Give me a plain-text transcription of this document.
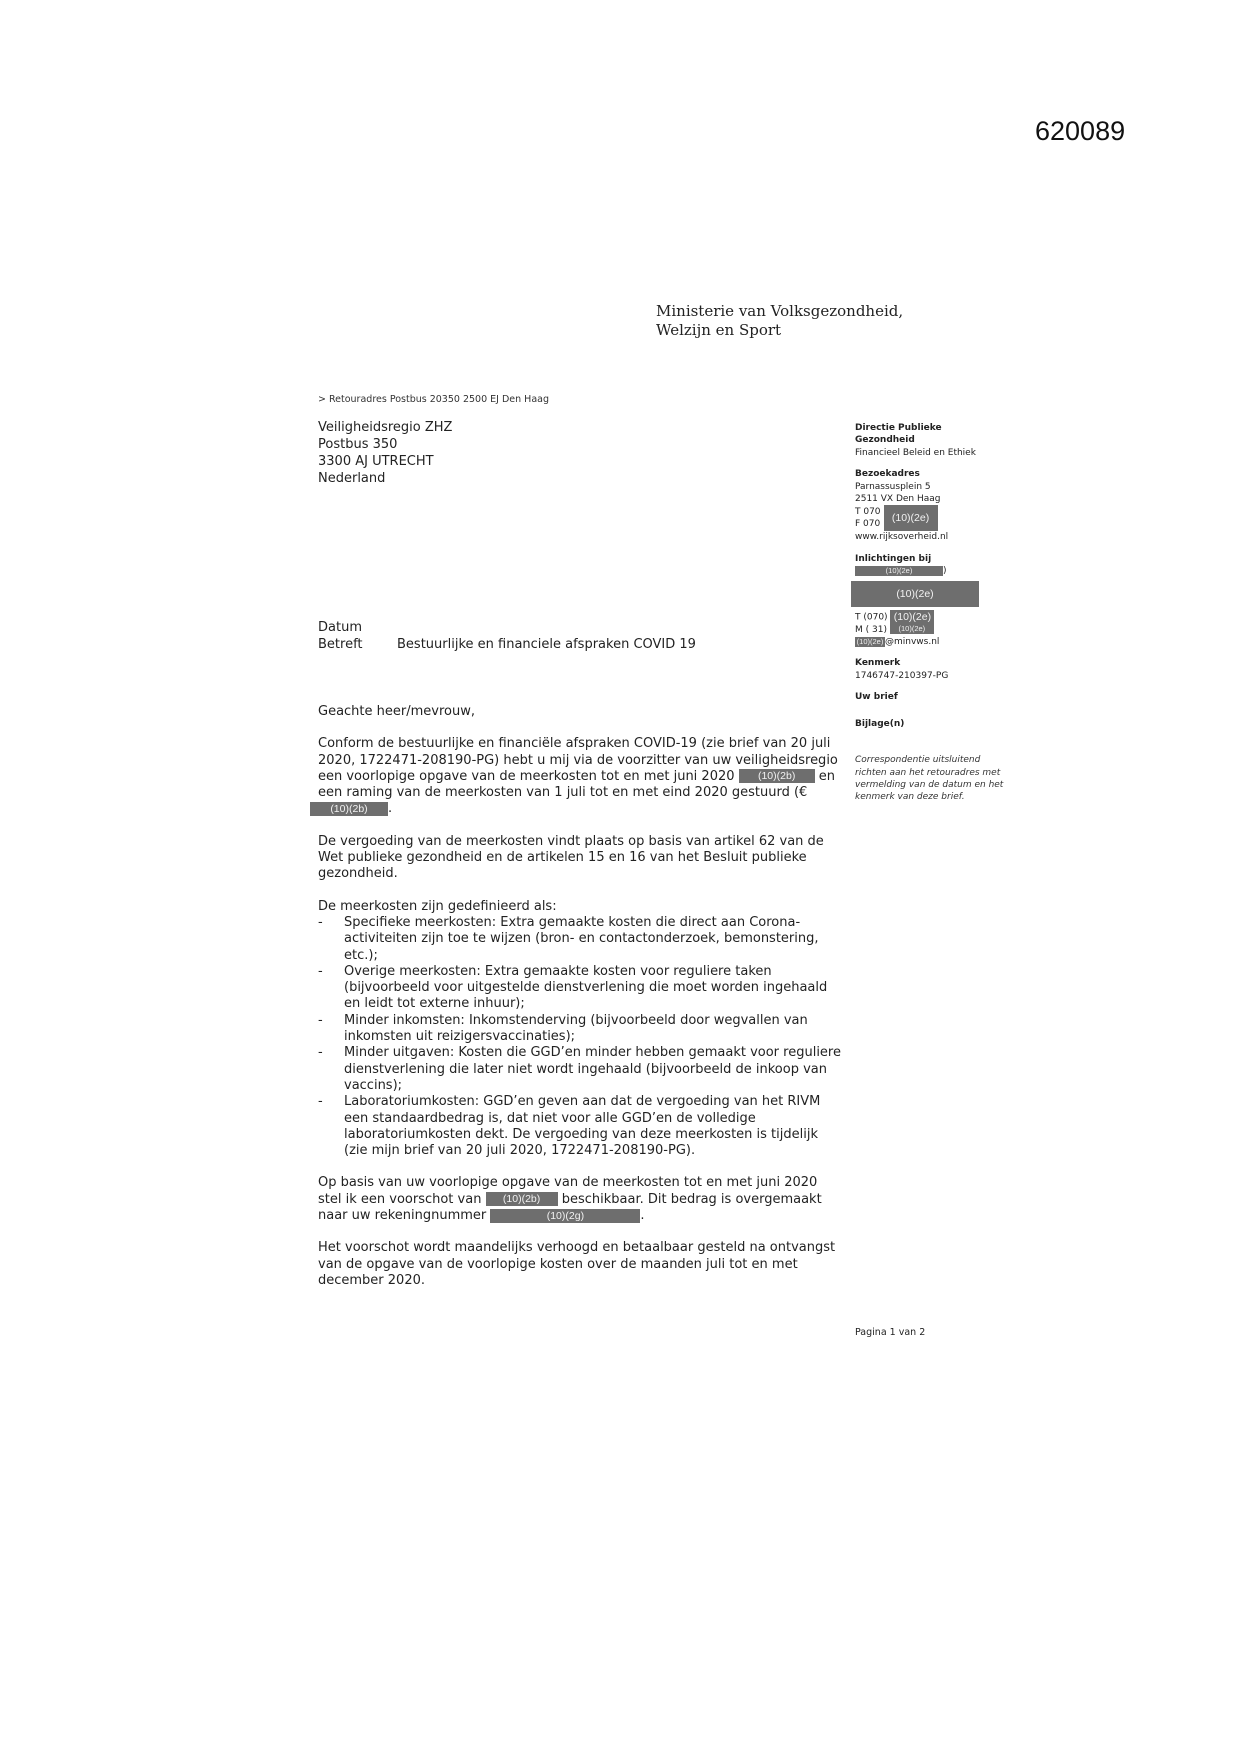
620089
Ministerie van Volksgezondheid,
Welzijn en Sport
> Retouradres Postbus 20350 2500 EJ Den Haag
Veiligheidsregio ZHZ
Postbus 350
3300 AJ UTRECHT
Nederland
Datum
Betreft	Bestuurlijke en financiele afspraken COVID 19

Geachte heer/mevrouw,

Conform de bestuurlijke en financiële afspraken COVID-19 (zie brief van 20 juli 2020, 1722471-208190-PG) hebt u mij via de voorzitter van uw veiligheidsregio een voorlopige opgave van de meerkosten tot en met juni 2020 (10)(2b) en een raming van de meerkosten van 1 juli tot en met eind 2020 gestuurd (€ (10)(2b) .

De vergoeding van de meerkosten vindt plaats op basis van artikel 62 van de Wet publieke gezondheid en de artikelen 15 en 16 van het Besluit publieke gezondheid.

De meerkosten zijn gedefinieerd als:
- Specifieke meerkosten: Extra gemaakte kosten die direct aan Corona-activiteiten zijn toe te wijzen (bron- en contactonderzoek, bemonstering, etc.);
- Overige meerkosten: Extra gemaakte kosten voor reguliere taken (bijvoorbeeld voor uitgestelde dienstverlening die moet worden ingehaald en leidt tot externe inhuur);
- Minder inkomsten: Inkomstenderving (bijvoorbeeld door wegvallen van inkomsten uit reizigersvaccinaties);
- Minder uitgaven: Kosten die GGD’en minder hebben gemaakt voor reguliere dienstverlening die later niet wordt ingehaald (bijvoorbeeld de inkoop van vaccins);
- Laboratoriumkosten: GGD’en geven aan dat de vergoeding van het RIVM een standaardbedrag is, dat niet voor alle GGD’en de volledige laboratoriumkosten dekt. De vergoeding van deze meerkosten is tijdelijk (zie mijn brief van 20 juli 2020, 1722471-208190-PG).

Op basis van uw voorlopige opgave van de meerkosten tot en met juni 2020 stel ik een voorschot van (10)(2b) beschikbaar. Dit bedrag is overgemaakt naar uw rekeningnummer	(10)(2g)	.

Het voorschot wordt maandelijks verhoogd en betaalbaar gesteld na ontvangst van de opgave van de voorlopige kosten over de maanden juli tot en met december 2020.

Directie Publieke
Gezondheid
Financieel Beleid en Ethiek
Bezoekadres
Parnassusplein 5
2511 VX Den Haag
T 070
F 070	(10)(2e)
www.rijksoverheid.nl
Inlichtingen bij
(10)(2e)	)
(10)(2e)
T (070) (10)(2e)
M ( 31) (10)(2e)
(10)(2e) @minvws.nl
Kenmerk
1746747-210397-PG
Uw brief
Bijlage(n)
Correspondentie uitsluitend richten aan het retouradres met vermelding van de datum en het kenmerk van deze brief.
Pagina 1 van 2
